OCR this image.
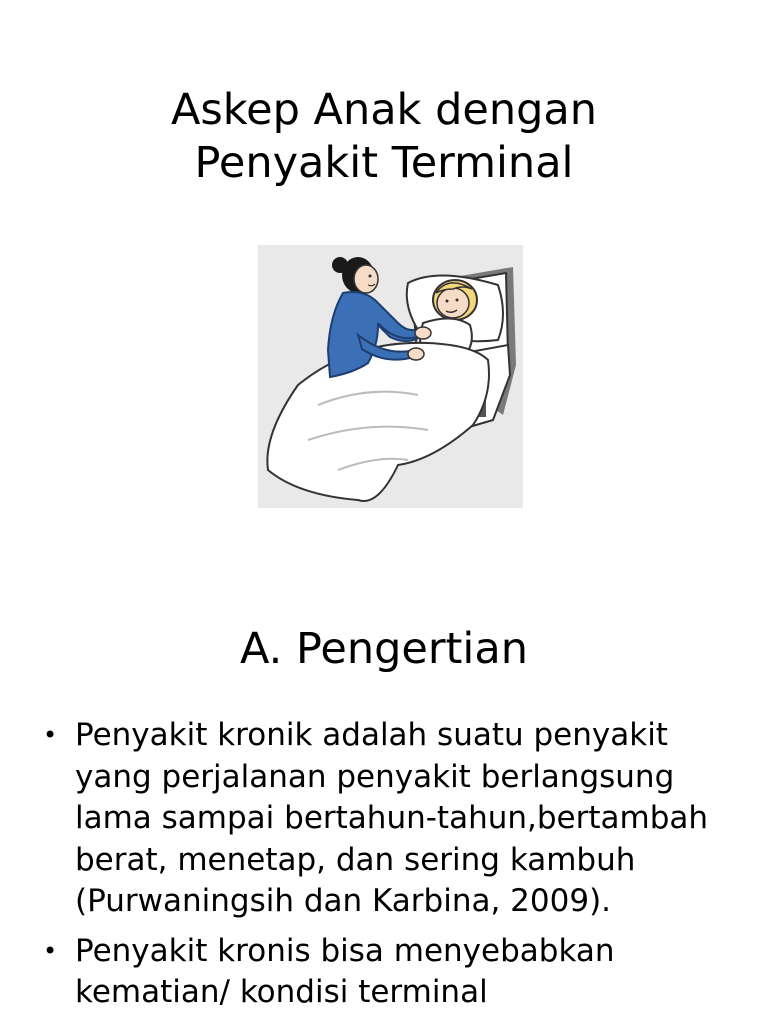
Askep Anak dengan
Penyakit Terminal
A. Pengertian
• Penyakit kronik adalah suatu penyakit yang perjalanan penyakit berlangsung lama sampai bertahun-tahun,bertambah berat, menetap, dan sering kambuh (Purwaningsih dan Karbina, 2009).
• Penyakit kronis bisa menyebabkan kematian/ kondisi terminal
